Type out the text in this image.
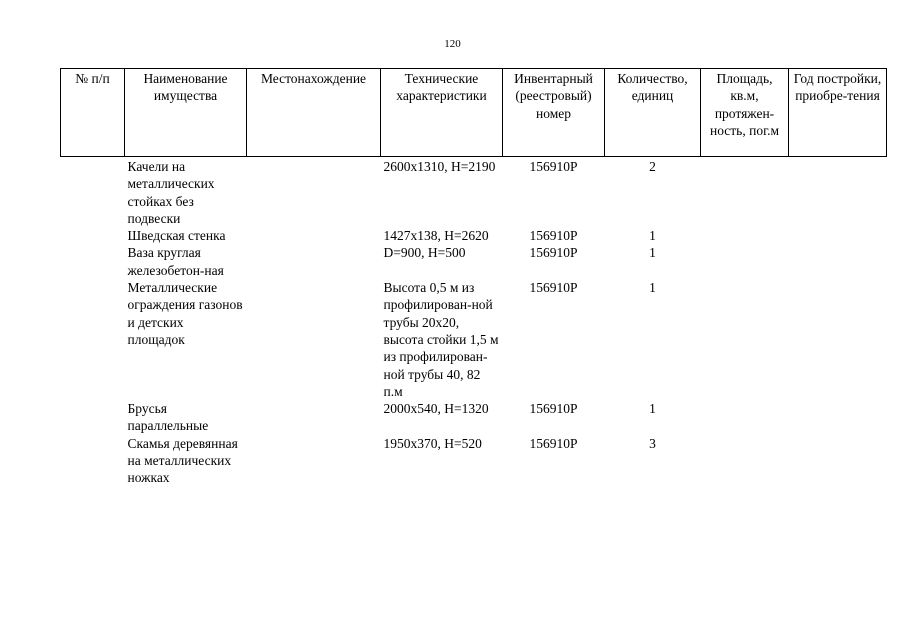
120
№ п/п	Наименование имущества	Местонахождение	Технические характеристики	Инвентарный (реестровый) номер	Количество, единиц	Площадь, кв.м, протяжен-ность, пог.м	Год постройки, приобре-тения
	Качели на металлических стойках без подвески		2600х1310, Н=2190	156910Р	2		
	Шведская стенка		1427х138, Н=2620	156910Р	1		
	Ваза круглая железобетон-ная		D=900, Н=500	156910Р	1		
	Металлические ограждения газонов и детских площадок		Высота 0,5 м из профилирован-ной трубы 20х20, высота стойки 1,5 м из профилирован-ной трубы 40, 82 п.м	156910Р	1		
	Брусья параллельные		2000х540, Н=1320	156910Р	1		
	Скамья деревянная на металлических ножках		1950х370, Н=520	156910Р	3		
